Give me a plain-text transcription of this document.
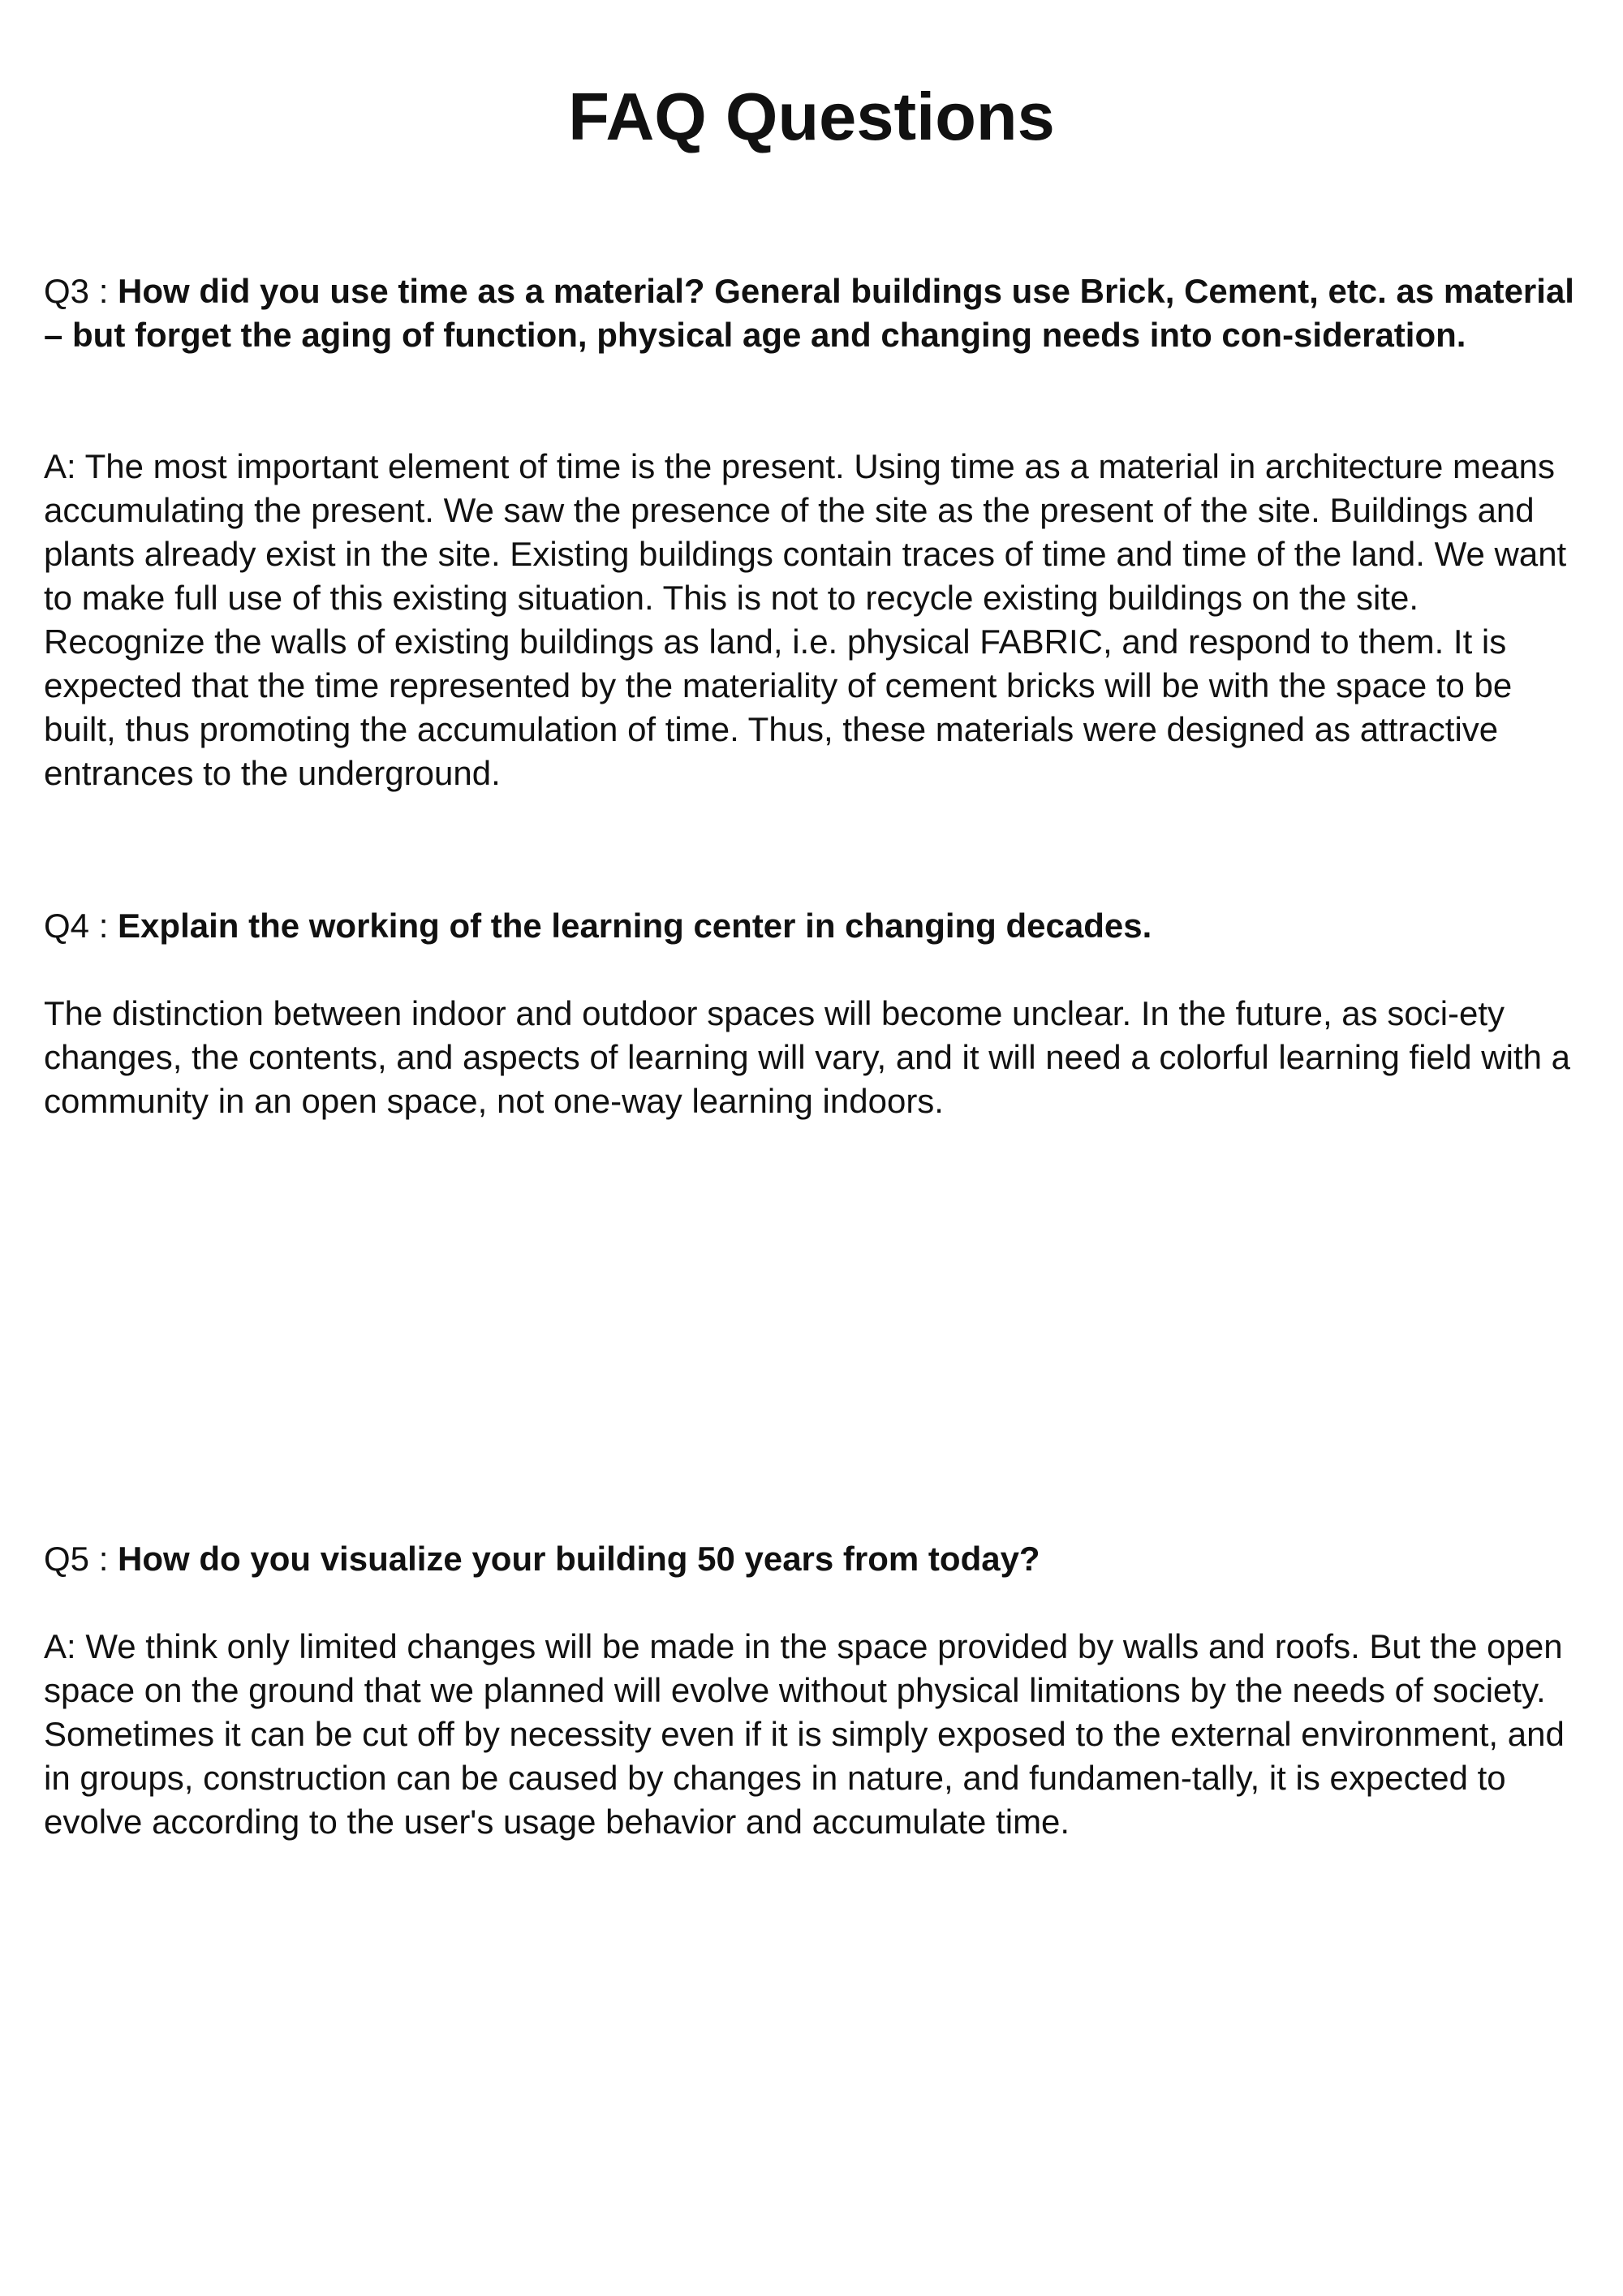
FAQ Questions

Q3 : How did you use time as a material? General buildings use Brick, Cement, etc. as material – but forget the aging of function, physical age and changing needs into con-sideration.

A: The most important element of time is the present. Using time as a material in architecture means accumulating the present. We saw the presence of the site as the present of the site. Buildings and plants already exist in the site. Existing buildings contain traces of time and time of the land. We want to make full use of this existing situation. This is not to recycle existing buildings on the site. Recognize the walls of existing buildings as land, i.e. physical FABRIC, and respond to them. It is expected that the time represented by the materiality of cement bricks will be with the space to be built, thus promoting the accumulation of time. Thus, these materials were designed as attractive entrances to the underground.

Q4 : Explain the working of the learning center in changing decades.

The distinction between indoor and outdoor spaces will become unclear. In the future, as soci-ety changes, the contents, and aspects of learning will vary, and it will need a colorful learning field with a community in an open space, not one-way learning indoors.

Q5 : How do you visualize your building 50 years from today?

A: We think only limited changes will be made in the space provided by walls and roofs. But the open space on the ground that we planned will evolve without physical limitations by the needs of society. Sometimes it can be cut off by necessity even if it is simply exposed to the external environment, and in groups, construction can be caused by changes in nature, and fundamen-tally, it is expected to evolve according to the user's usage behavior and accumulate time.
